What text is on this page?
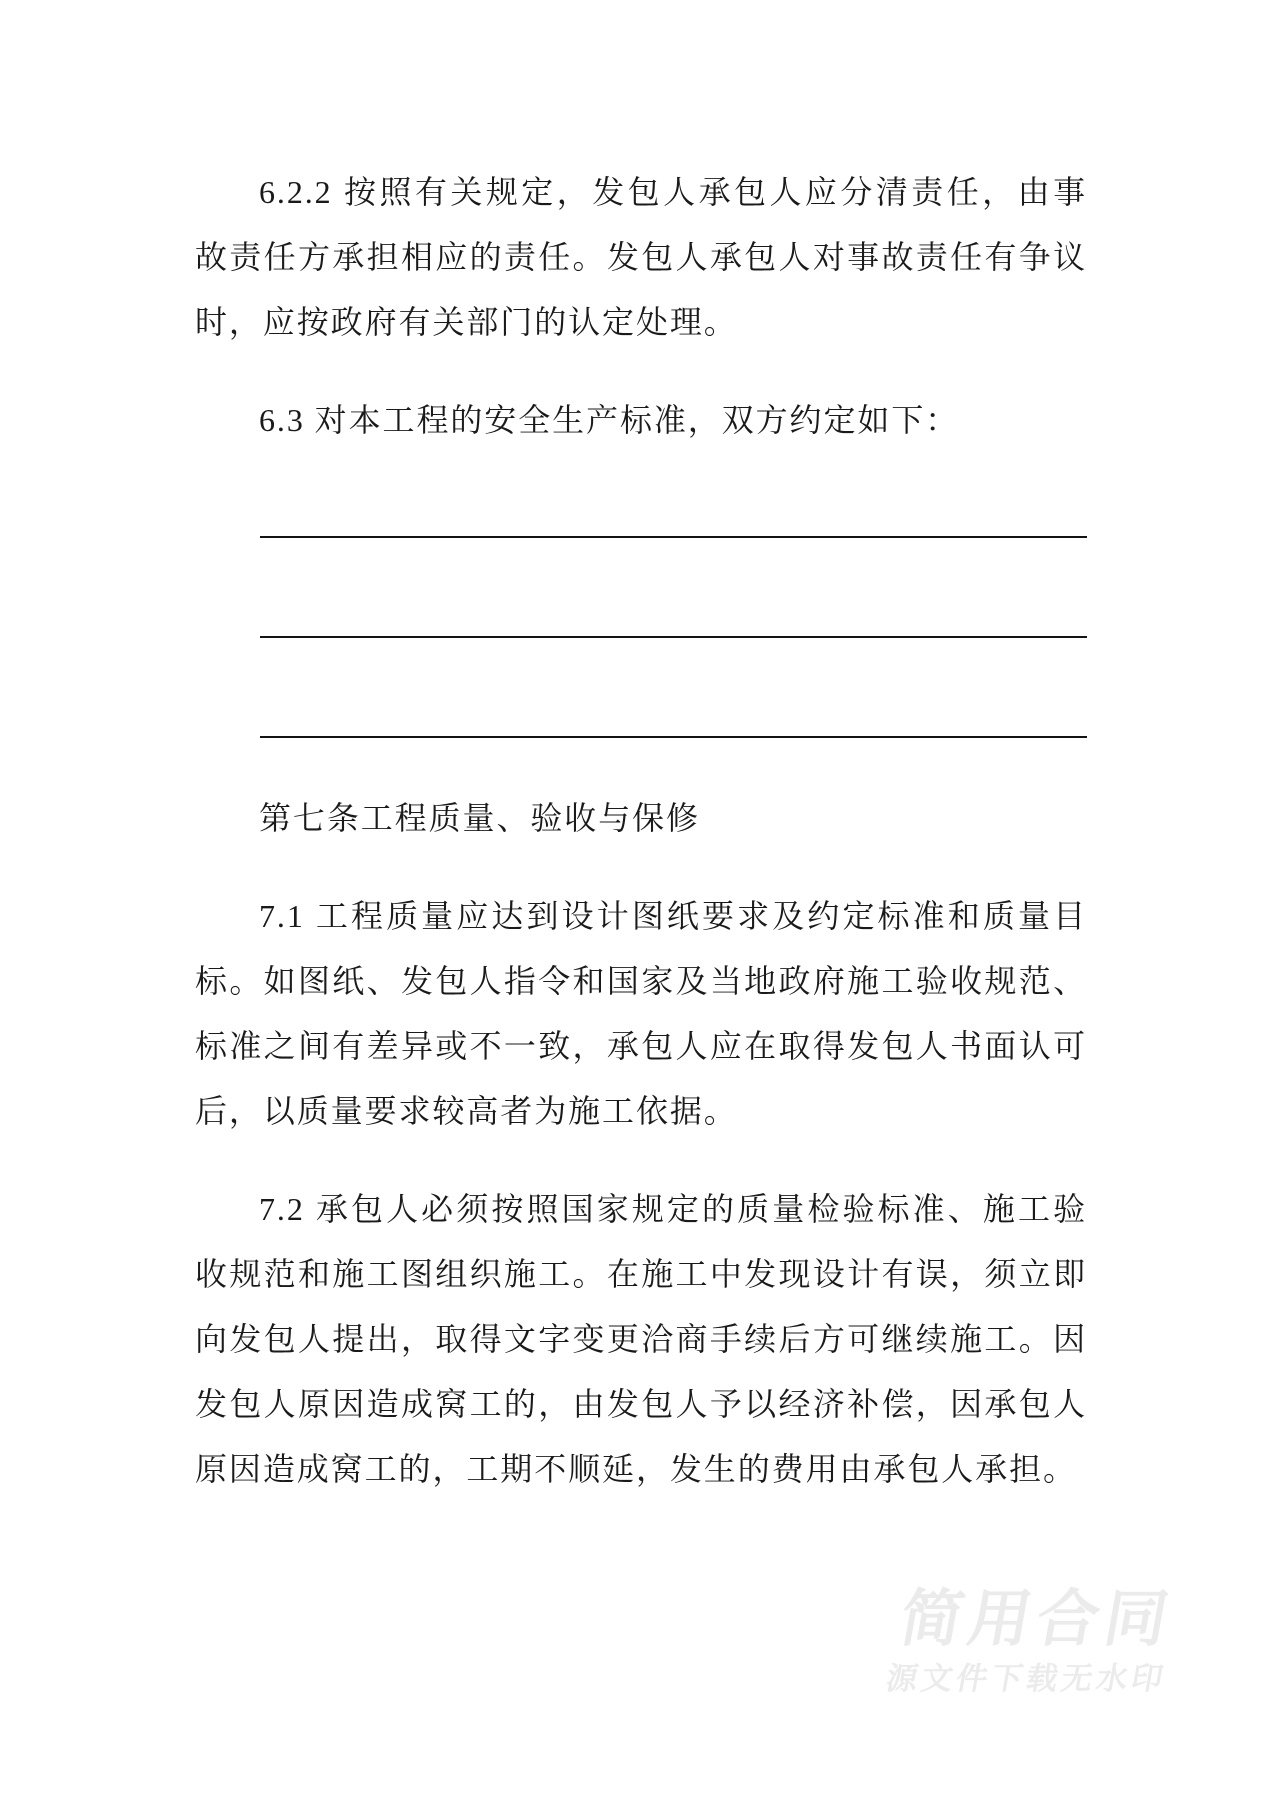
6.2.2 按照有关规定，发包人承包人应分清责任，由事故责任方承担相应的责任。发包人承包人对事故责任有争议时，应按政府有关部门的认定处理。

6.3 对本工程的安全生产标准，双方约定如下：

第七条工程质量、验收与保修

7.1 工程质量应达到设计图纸要求及约定标准和质量目标。如图纸、发包人指令和国家及当地政府施工验收规范、标准之间有差异或不一致，承包人应在取得发包人书面认可后，以质量要求较高者为施工依据。

7.2 承包人必须按照国家规定的质量检验标准、施工验收规范和施工图组织施工。在施工中发现设计有误，须立即向发包人提出，取得文字变更洽商手续后方可继续施工。因发包人原因造成窝工的，由发包人予以经济补偿，因承包人原因造成窝工的，工期不顺延，发生的费用由承包人承担。

简用合同
源文件下载无水印
